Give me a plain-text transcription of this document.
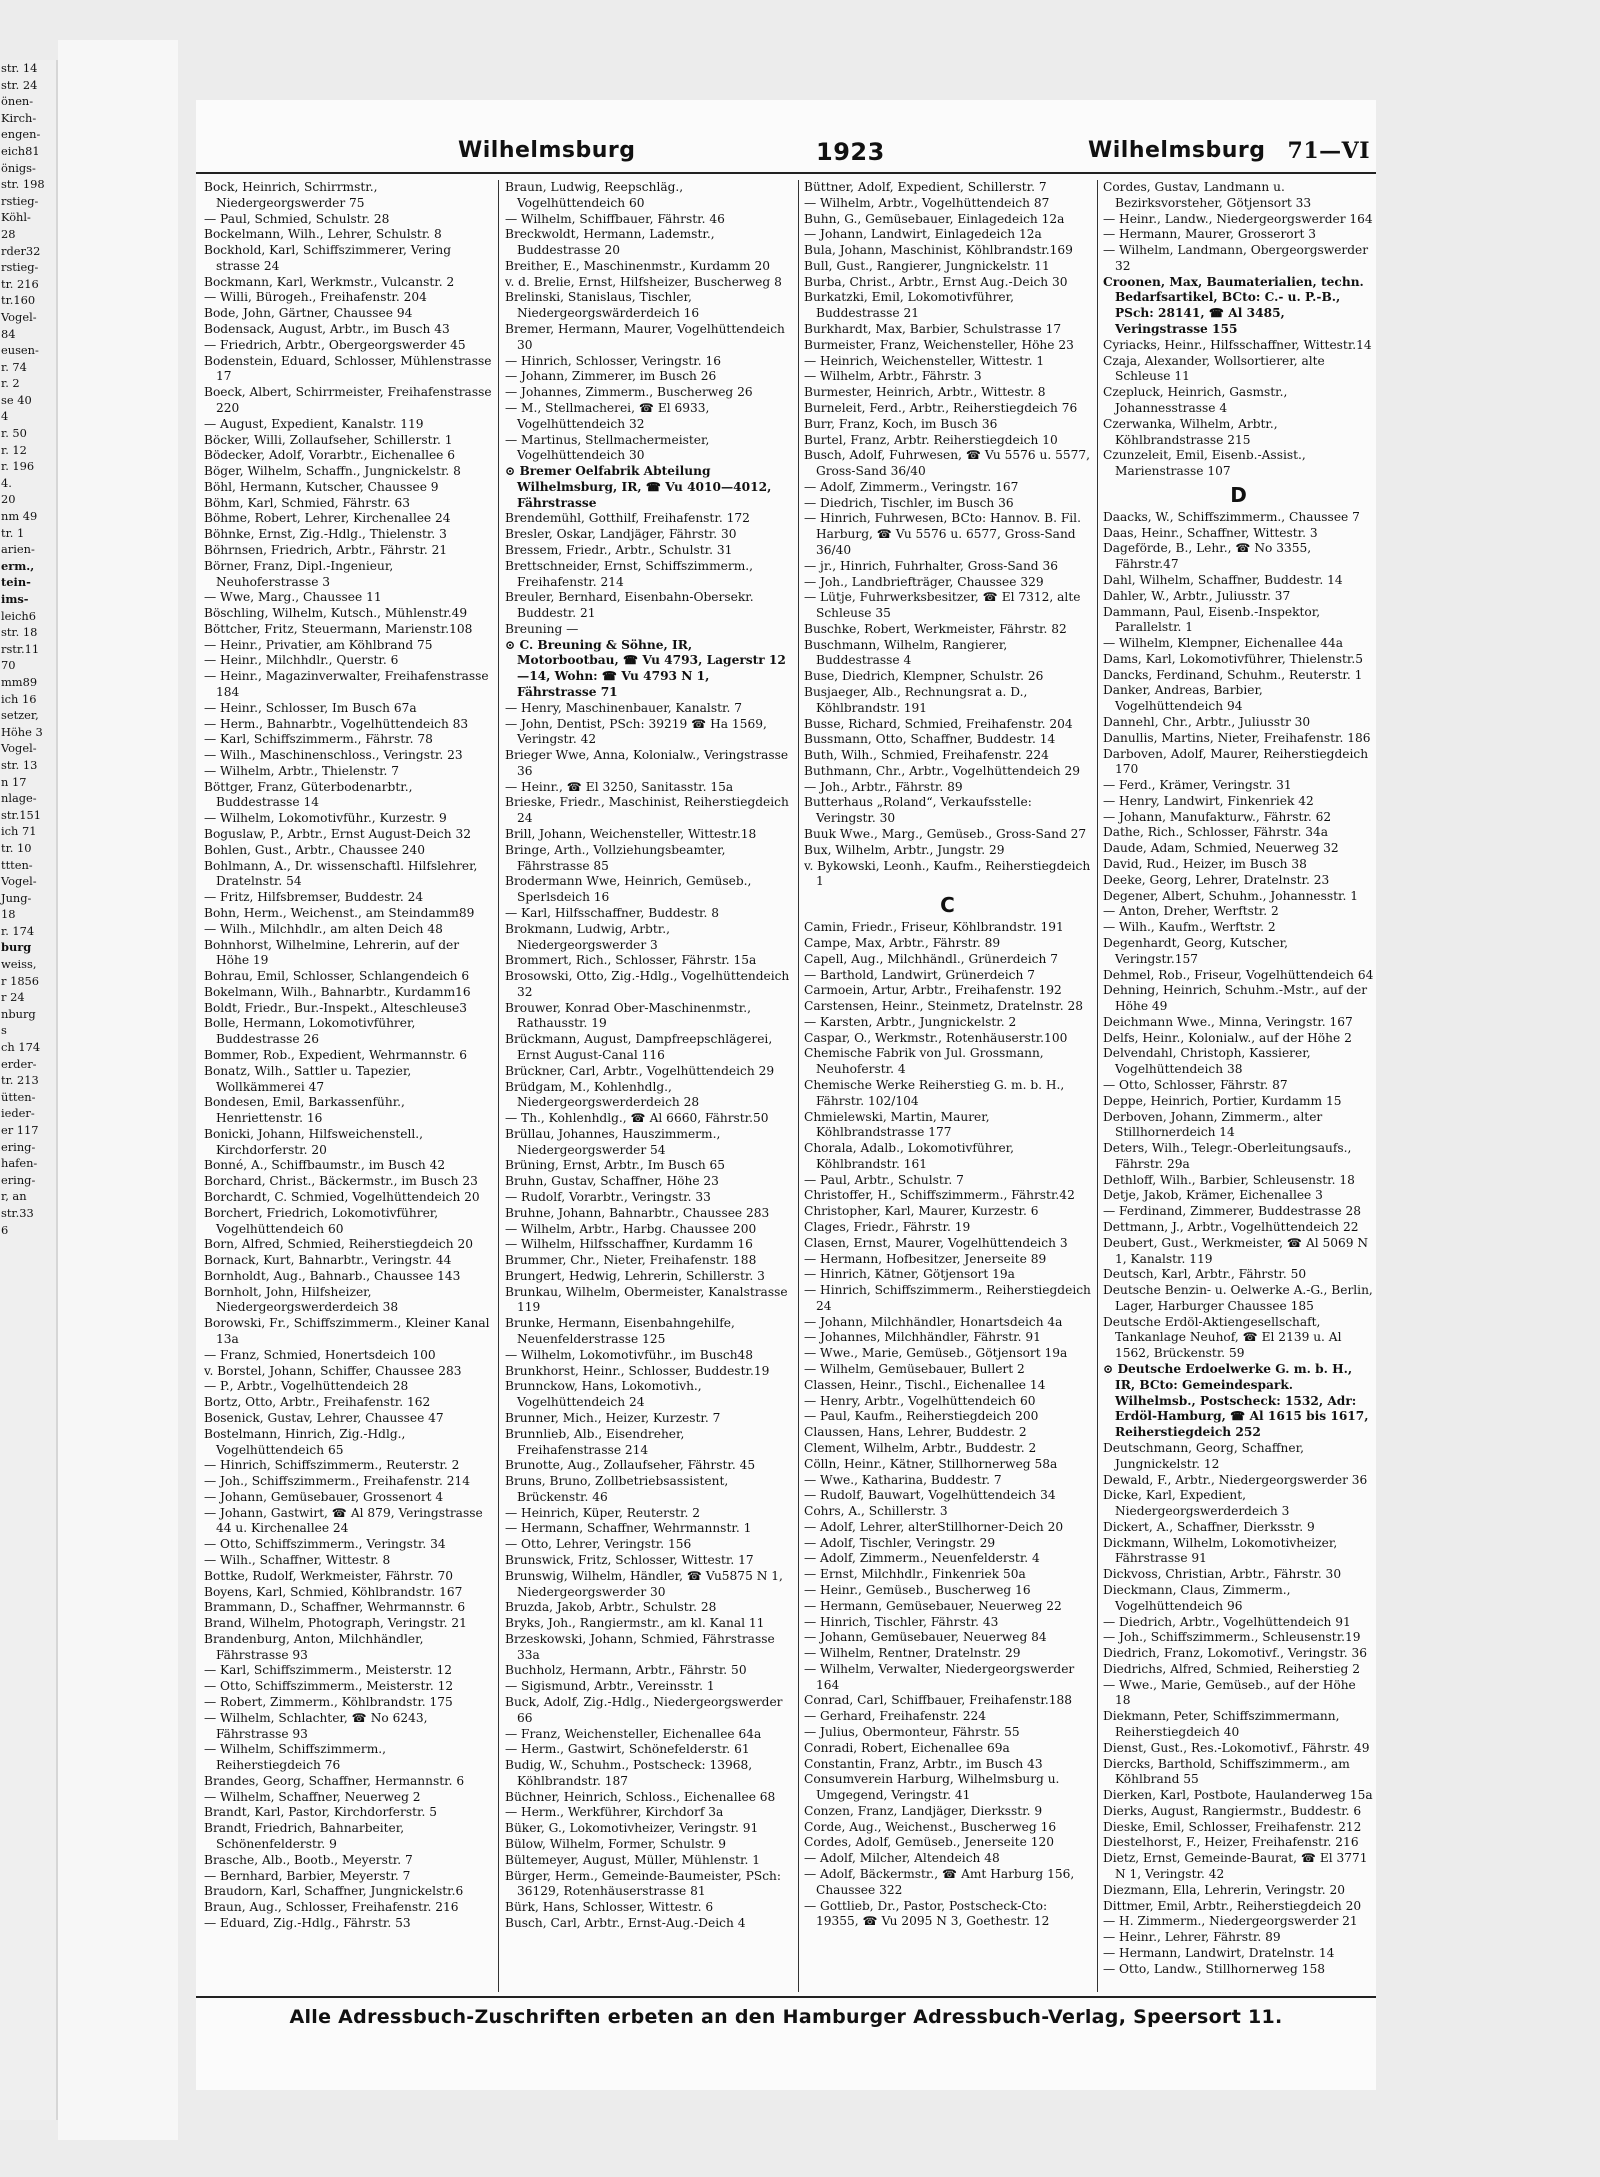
str. 14
str. 24
önen-
Kirch-
engen-
eich81
önigs-
str. 198
rstieg-
Köhl-
28
rder32
rstieg-
tr. 216
tr.160
Vogel-
84
eusen-
r. 74
r. 2
se 40
4
r. 50
r. 12
r. 196
4.
20
nm 49
tr. 1
arien-
erm.,
tein-
ims-
leich6
str. 18
rstr.11
70
mm89
ich 16
setzer,
Höhe 3
Vogel-
str. 13
n 17
nlage-
str.151
ich 71
tr. 10
ttten-
Vogel-
Jung-
18
r. 174
burg
weiss,
r 1856
r 24
nburg
s
ch 174
erder-
tr. 213
ütten-
ieder-
er 117
ering-
hafen-
ering-
r, an
str.33
6
Wilhelmsburg	1923	Wilhelmsburg 71—VI
Bock, Heinrich, Schirrmstr., Niedergeorgswerder 75
— Paul, Schmied, Schulstr. 28
Bockelmann, Wilh., Lehrer, Schulstr. 8
Bockhold, Karl, Schiffszimmerer, Vering strasse 24
Bockmann, Karl, Werkmstr., Vulcanstr. 2
— Willi, Bürogeh., Freihafenstr. 204
Bode, John, Gärtner, Chaussee 94
Bodensack, August, Arbtr., im Busch 43
— Friedrich, Arbtr., Obergeorgswerder 45
Bodenstein, Eduard, Schlosser, Mühlenstrasse 17
Boeck, Albert, Schirrmeister, Freihafenstrasse 220
— August, Expedient, Kanalstr. 119
Böcker, Willi, Zollaufseher, Schillerstr. 1
Bödecker, Adolf, Vorarbtr., Eichenallee 6
Böger, Wilhelm, Schaffn., Jungnickelstr. 8
Böhl, Hermann, Kutscher, Chaussee 9
Böhm, Karl, Schmied, Fährstr. 63
Böhme, Robert, Lehrer, Kirchenallee 24
Böhnke, Ernst, Zig.-Hdlg., Thielenstr. 3
Böhrnsen, Friedrich, Arbtr., Fährstr. 21
Börner, Franz, Dipl.-Ingenieur, Neuhoferstrasse 3
— Wwe, Marg., Chaussee 11
Böschling, Wilhelm, Kutsch., Mühlenstr.49
Böttcher, Fritz, Steuermann, Marienstr.108
— Heinr., Privatier, am Köhlbrand 75
— Heinr., Milchhdlr., Querstr. 6
— Heinr., Magazinverwalter, Freihafenstrasse 184
— Heinr., Schlosser, Im Busch 67a
— Herm., Bahnarbtr., Vogelhüttendeich 83
— Karl, Schiffszimmerm., Fährstr. 78
— Wilh., Maschinenschloss., Veringstr. 23
— Wilhelm, Arbtr., Thielenstr. 7
Böttger, Franz, Güterbodenarbtr., Buddestrasse 14
— Wilhelm, Lokomotivführ., Kurzestr. 9
Boguslaw, P., Arbtr., Ernst August-Deich 32
Bohlen, Gust., Arbtr., Chaussee 240
Bohlmann, A., Dr. wissenschaftl. Hilfslehrer, Dratelnstr. 54
— Fritz, Hilfsbremser, Buddestr. 24
Bohn, Herm., Weichenst., am Steindamm89
— Wilh., Milchhdlr., am alten Deich 48
Bohnhorst, Wilhelmine, Lehrerin, auf der Höhe 19
Bohrau, Emil, Schlosser, Schlangendeich 6
Bokelmann, Wilh., Bahnarbtr., Kurdamm16
Boldt, Friedr., Bur.-Inspekt., Alteschleuse3
Bolle, Hermann, Lokomotivführer, Buddestrasse 26
Bommer, Rob., Expedient, Wehrmannstr. 6
Bonatz, Wilh., Sattler u. Tapezier, Wollkämmerei 47
Bondesen, Emil, Barkassenführ., Henriettenstr. 16
Bonicki, Johann, Hilfsweichenstell., Kirchdorferstr. 20
Bonné, A., Schiffbaumstr., im Busch 42
Borchard, Christ., Bäckermstr., im Busch 23
Borchardt, C. Schmied, Vogelhüttendeich 20
Borchert, Friedrich, Lokomotivführer, Vogelhüttendeich 60
Born, Alfred, Schmied, Reiherstiegdeich 20
Bornack, Kurt, Bahnarbtr., Veringstr. 44
Bornholdt, Aug., Bahnarb., Chaussee 143
Bornholt, John, Hilfsheizer, Niedergeorgswerderdeich 38
Borowski, Fr., Schiffszimmerm., Kleiner Kanal 13a
— Franz, Schmied, Honertsdeich 100
v. Borstel, Johann, Schiffer, Chaussee 283
— P., Arbtr., Vogelhüttendeich 28
Bortz, Otto, Arbtr., Freihafenstr. 162
Bosenick, Gustav, Lehrer, Chaussee 47
Bostelmann, Hinrich, Zig.-Hdlg., Vogelhüttendeich 65
— Hinrich, Schiffszimmerm., Reuterstr. 2
— Joh., Schiffszimmerm., Freihafenstr. 214
— Johann, Gemüsebauer, Grossenort 4
— Johann, Gastwirt, ☎ Al 879, Veringstrasse 44 u. Kirchenallee 24
— Otto, Schiffszimmerm., Veringstr. 34
— Wilh., Schaffner, Wittestr. 8
Bottke, Rudolf, Werkmeister, Fährstr. 70
Boyens, Karl, Schmied, Köhlbrandstr. 167
Brammann, D., Schaffner, Wehrmannstr. 6
Brand, Wilhelm, Photograph, Veringstr. 21
Brandenburg, Anton, Milchhändler, Fährstrasse 93
— Karl, Schiffszimmerm., Meisterstr. 12
— Otto, Schiffszimmerm., Meisterstr. 12
— Robert, Zimmerm., Köhlbrandstr. 175
— Wilhelm, Schlachter, ☎ No 6243, Fährstrasse 93
— Wilhelm, Schiffszimmerm., Reiherstiegdeich 76
Brandes, Georg, Schaffner, Hermannstr. 6
— Wilhelm, Schaffner, Neuerweg 2
Brandt, Karl, Pastor, Kirchdorferstr. 5
Brandt, Friedrich, Bahnarbeiter, Schönenfelderstr. 9
Brasche, Alb., Bootb., Meyerstr. 7
— Bernhard, Barbier, Meyerstr. 7
Braudorn, Karl, Schaffner, Jungnickelstr.6
Braun, Aug., Schlosser, Freihafenstr. 216
— Eduard, Zig.-Hdlg., Fährstr. 53
Braun, Ludwig, Reepschläg., Vogelhüttendeich 60
— Wilhelm, Schiffbauer, Fährstr. 46
Breckwoldt, Hermann, Lademstr., Buddestrasse 20
Breither, E., Maschinenmstr., Kurdamm 20
v. d. Brelie, Ernst, Hilfsheizer, Buscherweg 8
Brelinski, Stanislaus, Tischler, Niedergeorgswärderdeich 16
Bremer, Hermann, Maurer, Vogelhüttendeich 30
— Hinrich, Schlosser, Veringstr. 16
— Johann, Zimmerer, im Busch 26
— Johannes, Zimmerm., Buscherweg 26
— M., Stellmacherei, ☎ El 6933, Vogelhüttendeich 32
— Martinus, Stellmachermeister, Vogelhüttendeich 30
⊙ Bremer Oelfabrik Abteilung Wilhelmsburg, IR, ☎ Vu 4010—4012, Fährstrasse
Brendemühl, Gotthilf, Freihafenstr. 172
Bresler, Oskar, Landjäger, Fährstr. 30
Bressem, Friedr., Arbtr., Schulstr. 31
Brettschneider, Ernst, Schiffszimmerm., Freihafenstr. 214
Breuler, Bernhard, Eisenbahn-Obersekr. Buddestr. 21
Breuning —
⊙ C. Breuning & Söhne, IR, Motorbootbau, ☎ Vu 4793, Lagerstr 12—14, Wohn: ☎ Vu 4793 N 1, Fährstrasse 71
— Henry, Maschinenbauer, Kanalstr. 7
— John, Dentist, PSch: 39219 ☎ Ha 1569, Veringstr. 42
Brieger Wwe, Anna, Kolonialw., Veringstrasse 36
— Heinr., ☎ El 3250, Sanitasstr. 15a
Brieske, Friedr., Maschinist, Reiherstiegdeich 24
Brill, Johann, Weichensteller, Wittestr.18
Bringe, Arth., Vollziehungsbeamter, Fährstrasse 85
Brodermann Wwe, Heinrich, Gemüseb., Sperlsdeich 16
— Karl, Hilfsschaffner, Buddestr. 8
Brokmann, Ludwig, Arbtr., Niedergeorgswerder 3
Brommert, Rich., Schlosser, Fährstr. 15a
Brosowski, Otto, Zig.-Hdlg., Vogelhüttendeich 32
Brouwer, Konrad Ober-Maschinenmstr., Rathausstr. 19
Brückmann, August, Dampfreepschlägerei, Ernst August-Canal 116
Brückner, Carl, Arbtr., Vogelhüttendeich 29
Brüdgam, M., Kohlenhdlg., Niedergeorgswerderdeich 28
— Th., Kohlenhdlg., ☎ Al 6660, Fährstr.50
Brüllau, Johannes, Hauszimmerm., Niedergeorgswerder 54
Brüning, Ernst, Arbtr., Im Busch 65
Bruhn, Gustav, Schaffner, Höhe 23
— Rudolf, Vorarbtr., Veringstr. 33
Bruhne, Johann, Bahnarbtr., Chaussee 283
— Wilhelm, Arbtr., Harbg. Chaussee 200
— Wilhelm, Hilfsschaffner, Kurdamm 16
Brummer, Chr., Nieter, Freihafenstr. 188
Brungert, Hedwig, Lehrerin, Schillerstr. 3
Brunkau, Wilhelm, Obermeister, Kanalstrasse 119
Brunke, Hermann, Eisenbahngehilfe, Neuenfelderstrasse 125
— Wilhelm, Lokomotivführ., im Busch48
Brunkhorst, Heinr., Schlosser, Buddestr.19
Brunnckow, Hans, Lokomotivh., Vogelhüttendeich 24
Brunner, Mich., Heizer, Kurzestr. 7
Brunnlieb, Alb., Eisendreher, Freihafenstrasse 214
Brunotte, Aug., Zollaufseher, Fährstr. 45
Bruns, Bruno, Zollbetriebsassistent, Brückenstr. 46
— Heinrich, Küper, Reuterstr. 2
— Hermann, Schaffner, Wehrmannstr. 1
— Otto, Lehrer, Veringstr. 156
Brunswick, Fritz, Schlosser, Wittestr. 17
Brunswig, Wilhelm, Händler, ☎ Vu5875 N 1, Niedergeorgswerder 30
Bruzda, Jakob, Arbtr., Schulstr. 28
Bryks, Joh., Rangiermstr., am kl. Kanal 11
Brzeskowski, Johann, Schmied, Fährstrasse 33a
Buchholz, Hermann, Arbtr., Fährstr. 50
— Sigismund, Arbtr., Vereinsstr. 1
Buck, Adolf, Zig.-Hdlg., Niedergeorgswerder 66
— Franz, Weichensteller, Eichenallee 64a
— Herm., Gastwirt, Schönefelderstr. 61
Budig, W., Schuhm., Postscheck: 13968, Köhlbrandstr. 187
Büchner, Heinrich, Schloss., Eichenallee 68
— Herm., Werkführer, Kirchdorf 3a
Büker, G., Lokomotivheizer, Veringstr. 91
Bülow, Wilhelm, Former, Schulstr. 9
Bültemeyer, August, Müller, Mühlenstr. 1
Bürger, Herm., Gemeinde-Baumeister, PSch: 36129, Rotenhäuserstrasse 81
Bürk, Hans, Schlosser, Wittestr. 6
Busch, Carl, Arbtr., Ernst-Aug.-Deich 4
Büttner, Adolf, Expedient, Schillerstr. 7
— Wilhelm, Arbtr., Vogelhüttendeich 87
Buhn, G., Gemüsebauer, Einlagedeich 12a
— Johann, Landwirt, Einlagedeich 12a
Bula, Johann, Maschinist, Köhlbrandstr.169
Bull, Gust., Rangierer, Jungnickelstr. 11
Burba, Christ., Arbtr., Ernst Aug.-Deich 30
Burkatzki, Emil, Lokomotivführer, Buddestrasse 21
Burkhardt, Max, Barbier, Schulstrasse 17
Burmeister, Franz, Weichensteller, Höhe 23
— Heinrich, Weichensteller, Wittestr. 1
— Wilhelm, Arbtr., Fährstr. 3
Burmester, Heinrich, Arbtr., Wittestr. 8
Burneleit, Ferd., Arbtr., Reiherstiegdeich 76
Burr, Franz, Koch, im Busch 36
Burtel, Franz, Arbtr. Reiherstiegdeich 10
Busch, Adolf, Fuhrwesen, ☎ Vu 5576 u. 5577, Gross-Sand 36/40
— Adolf, Zimmerm., Veringstr. 167
— Diedrich, Tischler, im Busch 36
— Hinrich, Fuhrwesen, BCto: Hannov. B. Fil. Harburg, ☎ Vu 5576 u. 6577, Gross-Sand 36/40
— jr., Hinrich, Fuhrhalter, Gross-Sand 36
— Joh., Landbriefträger, Chaussee 329
— Lütje, Fuhrwerksbesitzer, ☎ El 7312, alte Schleuse 35
Buschke, Robert, Werkmeister, Fährstr. 82
Buschmann, Wilhelm, Rangierer, Buddestrasse 4
Buse, Diedrich, Klempner, Schulstr. 26
Busjaeger, Alb., Rechnungsrat a. D., Köhlbrandstr. 191
Busse, Richard, Schmied, Freihafenstr. 204
Bussmann, Otto, Schaffner, Buddestr. 14
Buth, Wilh., Schmied, Freihafenstr. 224
Buthmann, Chr., Arbtr., Vogelhüttendeich 29
— Joh., Arbtr., Fährstr. 89
Butterhaus „Roland“, Verkaufsstelle: Veringstr. 30
Buuk Wwe., Marg., Gemüseb., Gross-Sand 27
Bux, Wilhelm, Arbtr., Jungstr. 29
v. Bykowski, Leonh., Kaufm., Reiherstiegdeich 1
C
Camin, Friedr., Friseur, Köhlbrandstr. 191
Campe, Max, Arbtr., Fährstr. 89
Capell, Aug., Milchhändl., Grünerdeich 7
— Barthold, Landwirt, Grünerdeich 7
Carmoein, Artur, Arbtr., Freihafenstr. 192
Carstensen, Heinr., Steinmetz, Dratelnstr. 28
— Karsten, Arbtr., Jungnickelstr. 2
Caspar, O., Werkmstr., Rotenhäuserstr.100
Chemische Fabrik von Jul. Grossmann, Neuhoferstr. 4
Chemische Werke Reiherstieg G. m. b. H., Fährstr. 102/104
Chmielewski, Martin, Maurer, Köhlbrandstrasse 177
Chorala, Adalb., Lokomotivführer, Köhlbrandstr. 161
— Paul, Arbtr., Schulstr. 7
Christoffer, H., Schiffszimmerm., Fährstr.42
Christopher, Karl, Maurer, Kurzestr. 6
Clages, Friedr., Fährstr. 19
Clasen, Ernst, Maurer, Vogelhüttendeich 3
— Hermann, Hofbesitzer, Jenerseite 89
— Hinrich, Kätner, Götjensort 19a
— Hinrich, Schiffszimmerm., Reiherstiegdeich 24
— Johann, Milchhändler, Honartsdeich 4a
— Johannes, Milchhändler, Fährstr. 91
— Wwe., Marie, Gemüseb., Götjensort 19a
— Wilhelm, Gemüsebauer, Bullert 2
Classen, Heinr., Tischl., Eichenallee 14
— Henry, Arbtr., Vogelhüttendeich 60
— Paul, Kaufm., Reiherstiegdeich 200
Claussen, Hans, Lehrer, Buddestr. 2
Clement, Wilhelm, Arbtr., Buddestr. 2
Cölln, Heinr., Kätner, Stillhornerweg 58a
— Wwe., Katharina, Buddestr. 7
— Rudolf, Bauwart, Vogelhüttendeich 34
Cohrs, A., Schillerstr. 3
— Adolf, Lehrer, alterStillhorner-Deich 20
— Adolf, Tischler, Veringstr. 29
— Adolf, Zimmerm., Neuenfelderstr. 4
— Ernst, Milchhdlr., Finkenriek 50a
— Heinr., Gemüseb., Buscherweg 16
— Hermann, Gemüsebauer, Neuerweg 22
— Hinrich, Tischler, Fährstr. 43
— Johann, Gemüsebauer, Neuerweg 84
— Wilhelm, Rentner, Dratelnstr. 29
— Wilhelm, Verwalter, Niedergeorgswerder 164
Conrad, Carl, Schiffbauer, Freihafenstr.188
— Gerhard, Freihafenstr. 224
— Julius, Obermonteur, Fährstr. 55
Conradi, Robert, Eichenallee 69a
Constantin, Franz, Arbtr., im Busch 43
Consumverein Harburg, Wilhelmsburg u. Umgegend, Veringstr. 41
Conzen, Franz, Landjäger, Dierksstr. 9
Corde, Aug., Weichenst., Buscherweg 16
Cordes, Adolf, Gemüseb., Jenerseite 120
— Adolf, Milcher, Altendeich 48
— Adolf, Bäckermstr., ☎ Amt Harburg 156, Chaussee 322
— Gottlieb, Dr., Pastor, Postscheck-Cto: 19355, ☎ Vu 2095 N 3, Goethestr. 12
Cordes, Gustav, Landmann u. Bezirksvorsteher, Götjensort 33
— Heinr., Landw., Niedergeorgswerder 164
— Hermann, Maurer, Grosserort 3
— Wilhelm, Landmann, Obergeorgswerder 32
Croonen, Max, Baumaterialien, techn. Bedarfsartikel, BCto: C.- u. P.-B., PSch: 28141, ☎ Al 3485, Veringstrasse 155
Cyriacks, Heinr., Hilfsschaffner, Wittestr.14
Czaja, Alexander, Wollsortierer, alte Schleuse 11
Czepluck, Heinrich, Gasmstr., Johannesstrasse 4
Czerwanka, Wilhelm, Arbtr., Köhlbrandstrasse 215
Czunzeleit, Emil, Eisenb.-Assist., Marienstrasse 107
D
Daacks, W., Schiffszimmerm., Chaussee 7
Daas, Heinr., Schaffner, Wittestr. 3
Dageförde, B., Lehr., ☎ No 3355, Fährstr.47
Dahl, Wilhelm, Schaffner, Buddestr. 14
Dahler, W., Arbtr., Juliusstr. 37
Dammann, Paul, Eisenb.-Inspektor, Parallelstr. 1
— Wilhelm, Klempner, Eichenallee 44a
Dams, Karl, Lokomotivführer, Thielenstr.5
Dancks, Ferdinand, Schuhm., Reuterstr. 1
Danker, Andreas, Barbier, Vogelhüttendeich 94
Dannehl, Chr., Arbtr., Juliusstr 30
Danullis, Martins, Nieter, Freihafenstr. 186
Darboven, Adolf, Maurer, Reiherstiegdeich 170
— Ferd., Krämer, Veringstr. 31
— Henry, Landwirt, Finkenriek 42
— Johann, Manufakturw., Fährstr. 62
Dathe, Rich., Schlosser, Fährstr. 34a
Daude, Adam, Schmied, Neuerweg 32
David, Rud., Heizer, im Busch 38
Deeke, Georg, Lehrer, Dratelnstr. 23
Degener, Albert, Schuhm., Johannesstr. 1
— Anton, Dreher, Werftstr. 2
— Wilh., Kaufm., Werftstr. 2
Degenhardt, Georg, Kutscher, Veringstr.157
Dehmel, Rob., Friseur, Vogelhüttendeich 64
Dehning, Heinrich, Schuhm.-Mstr., auf der Höhe 49
Deichmann Wwe., Minna, Veringstr. 167
Delfs, Heinr., Kolonialw., auf der Höhe 2
Delvendahl, Christoph, Kassierer, Vogelhüttendeich 38
— Otto, Schlosser, Fährstr. 87
Deppe, Heinrich, Portier, Kurdamm 15
Derboven, Johann, Zimmerm., alter Stillhornerdeich 14
Deters, Wilh., Telegr.-Oberleitungsaufs., Fährstr. 29a
Dethloff, Wilh., Barbier, Schleusenstr. 18
Detje, Jakob, Krämer, Eichenallee 3
— Ferdinand, Zimmerer, Buddestrasse 28
Dettmann, J., Arbtr., Vogelhüttendeich 22
Deubert, Gust., Werkmeister, ☎ Al 5069 N 1, Kanalstr. 119
Deutsch, Karl, Arbtr., Fährstr. 50
Deutsche Benzin- u. Oelwerke A.-G., Berlin, Lager, Harburger Chaussee 185
Deutsche Erdöl-Aktiengesellschaft, Tankanlage Neuhof, ☎ El 2139 u. Al 1562, Brückenstr. 59
⊙ Deutsche Erdoelwerke G. m. b. H., IR, BCto: Gemeindespark. Wilhelmsb., Postscheck: 1532, Adr: Erdöl-Hamburg, ☎ Al 1615 bis 1617, Reiherstiegdeich 252
Deutschmann, Georg, Schaffner, Jungnickelstr. 12
Dewald, F., Arbtr., Niedergeorgswerder 36
Dicke, Karl, Expedient, Niedergeorgswerderdeich 3
Dickert, A., Schaffner, Dierksstr. 9
Dickmann, Wilhelm, Lokomotivheizer, Fährstrasse 91
Dickvoss, Christian, Arbtr., Fährstr. 30
Dieckmann, Claus, Zimmerm., Vogelhüttendeich 96
— Diedrich, Arbtr., Vogelhüttendeich 91
— Joh., Schiffszimmerm., Schleusenstr.19
Diedrich, Franz, Lokomotivf., Veringstr. 36
Diedrichs, Alfred, Schmied, Reiherstieg 2
— Wwe., Marie, Gemüseb., auf der Höhe 18
Diekmann, Peter, Schiffszimmermann, Reiherstiegdeich 40
Dienst, Gust., Res.-Lokomotivf., Fährstr. 49
Diercks, Barthold, Schiffszimmerm., am Köhlbrand 55
Dierken, Karl, Postbote, Haulanderweg 15a
Dierks, August, Rangiermstr., Buddestr. 6
Dieske, Emil, Schlosser, Freihafenstr. 212
Diestelhorst, F., Heizer, Freihafenstr. 216
Dietz, Ernst, Gemeinde-Baurat, ☎ El 3771 N 1, Veringstr. 42
Diezmann, Ella, Lehrerin, Veringstr. 20
Dittmer, Emil, Arbtr., Reiherstiegdeich 20
— H. Zimmerm., Niedergeorgswerder 21
— Heinr., Lehrer, Fährstr. 89
— Hermann, Landwirt, Dratelnstr. 14
— Otto, Landw., Stillhornerweg 158
Alle Adressbuch-Zuschriften erbeten an den Hamburger Adressbuch-Verlag, Speersort 11.
